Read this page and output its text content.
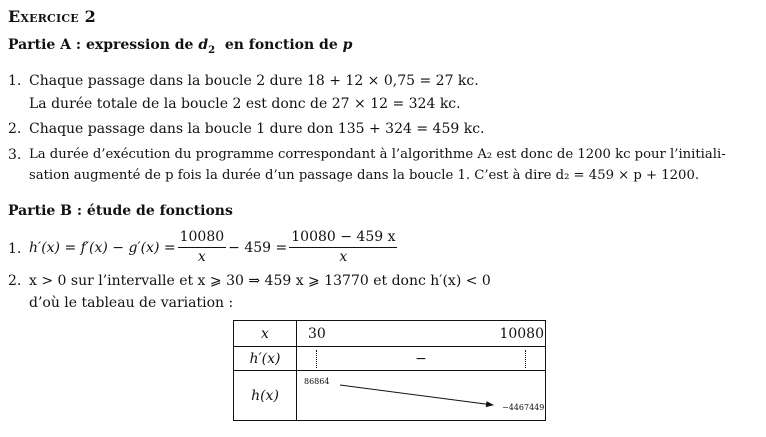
Exercice 2
Partie A : expression de $d_2$ en fonction de p
1. Chaque passage dans la boucle 2 dure 18 + 12 × 0,75 = 27 kc.
La durée totale de la boucle 2 est donc de 27 × 12 = 324 kc.
2. Chaque passage dans la boucle 1 dure don 135 + 324 = 459 kc.
3. La durée d’exécution du programme correspondant à l’algorithme A₂ est donc de 1200 kc pour l’initiali-
sation augmenté de p fois la durée d’un passage dans la boucle 1. C’est à dire d₂ = 459 × p + 1200.
Partie B : étude de fonctions
1. $h'(x) = f'(x) - g'(x) = \frac{10080}{x} - 459 = \frac{10080 - 459 x}{x}$
2. x > 0 sur l’intervalle et x ⩾ 30 ⇒ 459 x ⩾ 13770 et donc h′(x) < 0
d’où le tableau de variation :
x	30 10080

h′(x)	−

h(x)	86864
−4467449
